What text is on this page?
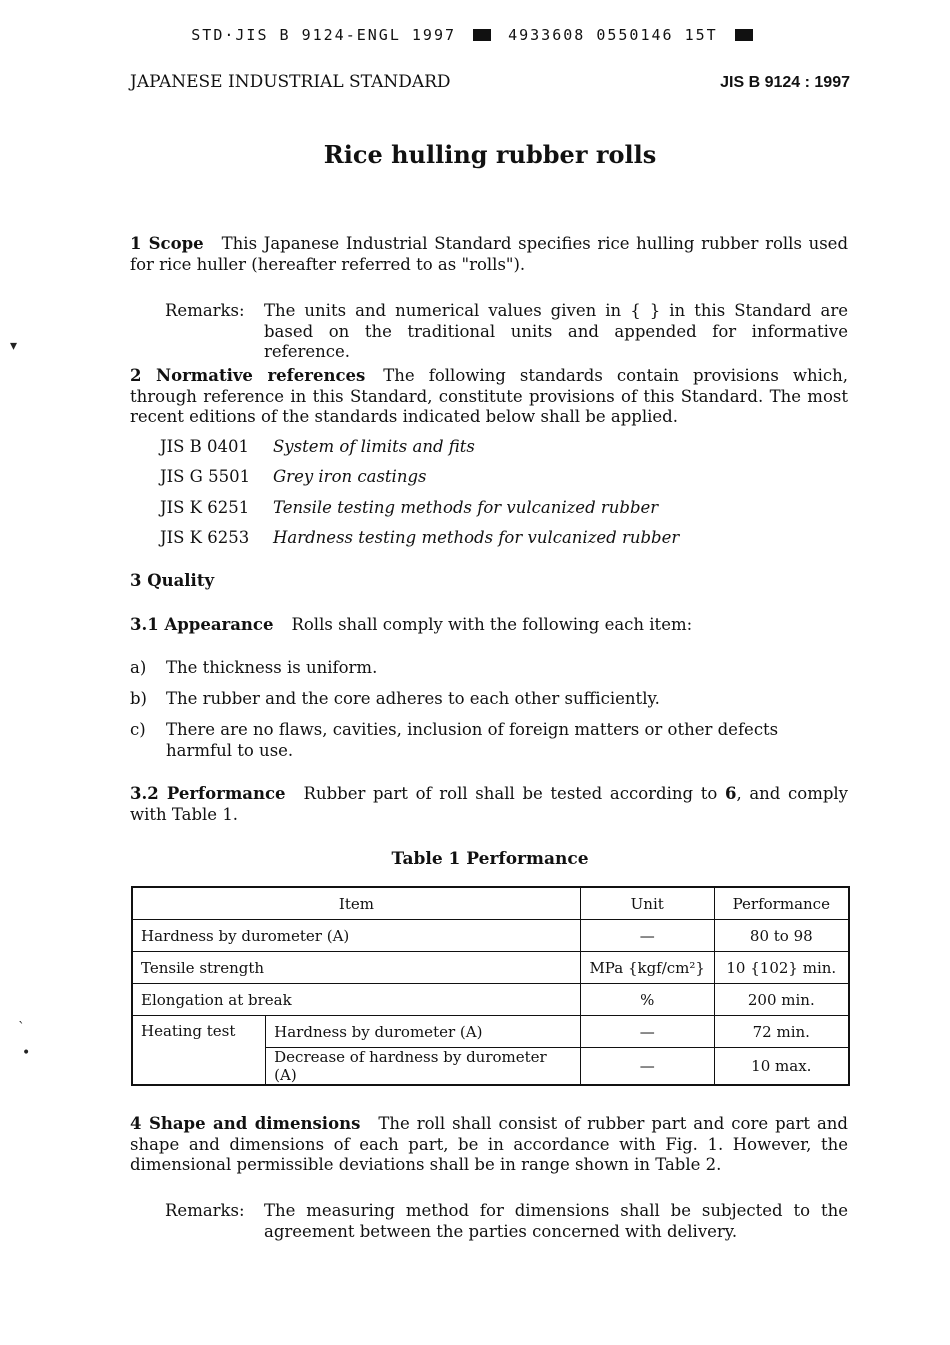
STD·JIS B 9124-ENGL 1997	4933608 0550146 15T
JAPANESE INDUSTRIAL STANDARD	JIS B 9124 : 1997
Rice hulling rubber rolls
1 Scope This Japanese Industrial Standard specifies rice hulling rubber rolls used for rice huller (hereafter referred to as "rolls").
Remarks: The units and numerical values given in { } in this Standard are based on the traditional units and appended for informative reference.
▾
2 Normative references The following standards contain provisions which, through reference in this Standard, constitute provisions of this Standard. The most recent editions of the standards indicated below shall be applied.
JIS B 0401 System of limits and fits
JIS G 5501 Grey iron castings
JIS K 6251 Tensile testing methods for vulcanized rubber
JIS K 6253 Hardness testing methods for vulcanized rubber
3 Quality
3.1 Appearance Rolls shall comply with the following each item:
a) The thickness is uniform.
b) The rubber and the core adheres to each other sufficiently.
c) There are no flaws, cavities, inclusion of foreign matters or other defects harmful to use.
3.2 Performance Rubber part of roll shall be tested according to 6, and comply with Table 1.
Table 1 Performance
Item		Unit	Performance
Hardness by durometer (A)		—	80 to 98
Tensile strength		MPa {kgf/cm²}	10 {102} min.
Elongation at break		%	200 min.
Heating test	Hardness by durometer (A)	—	72 min.
	Decrease of hardness by durometer (A)	—	10 max.
ˋ
•
4 Shape and dimensions The roll shall consist of rubber part and core part and shape and dimensions of each part, be in accordance with Fig. 1. However, the dimensional permissible deviations shall be in range shown in Table 2.
Remarks: The measuring method for dimensions shall be subjected to the agreement between the parties concerned with delivery.
